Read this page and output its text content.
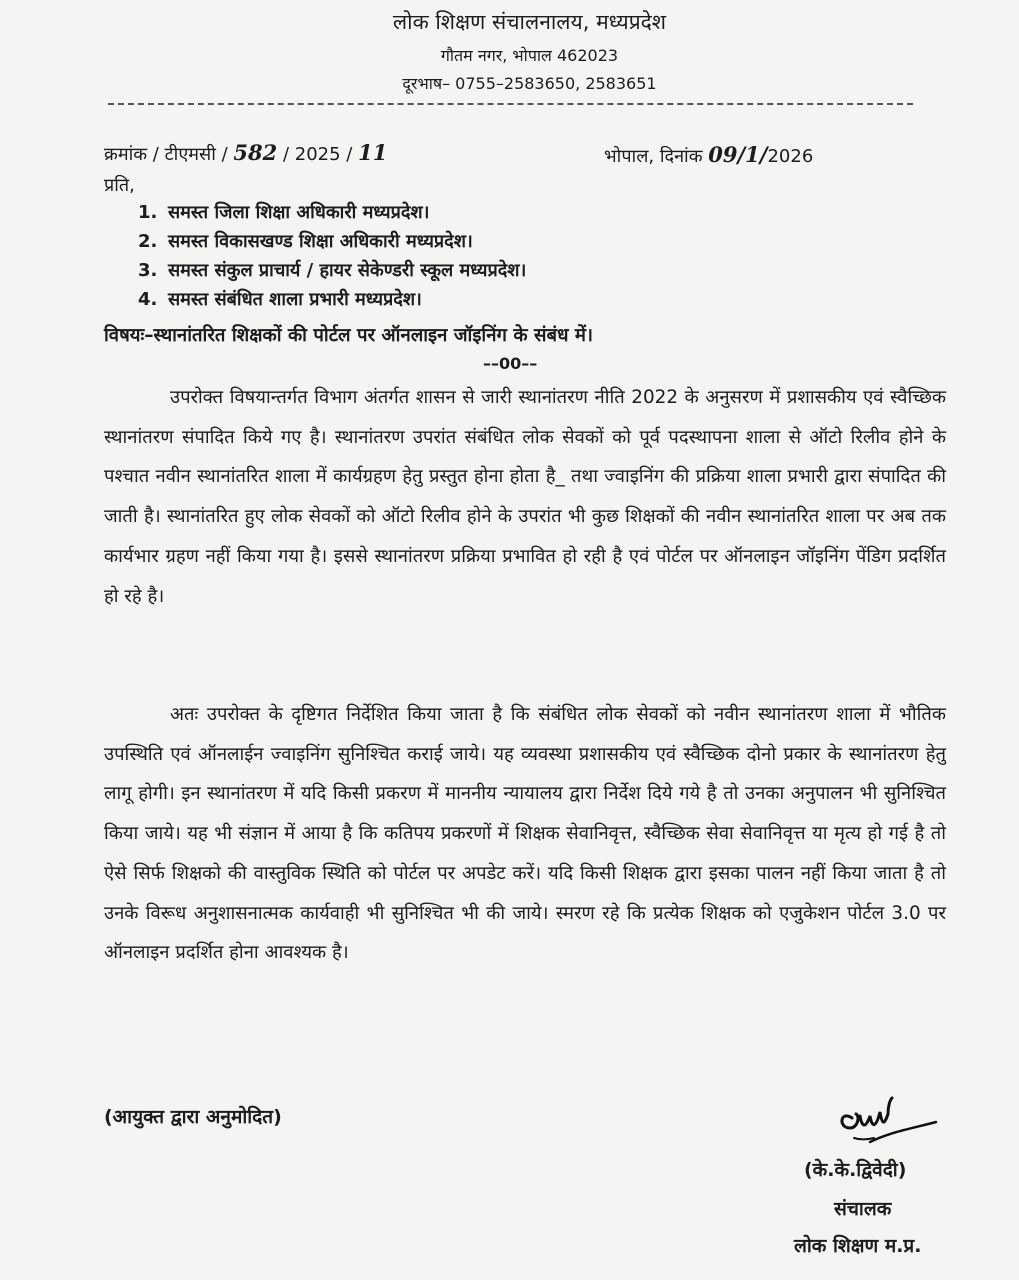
लोक शिक्षण संचालनालय, मध्यप्रदेश
गौतम नगर, भोपाल 462023
दूरभाष– 0755–2583650, 2583651
क्रमांक / टीएमसी / 582 / 2025 / 11	भोपाल, दिनांक 09/1/2026
प्रति,
1. समस्त जिला शिक्षा अधिकारी मध्यप्रदेश।
2. समस्त विकासखण्ड शिक्षा अधिकारी मध्यप्रदेश।
3. समस्त संकुल प्राचार्य / हायर सेकेण्डरी स्कूल मध्यप्रदेश।
4. समस्त संबंधित शाला प्रभारी मध्यप्रदेश।
विषयः–स्थानांतरित शिक्षकों की पोर्टल पर ऑनलाइन जॉइनिंग के संबंध में।
––00––

उपरोक्त विषयान्तर्गत विभाग अंतर्गत शासन से जारी स्थानांतरण नीति 2022 के अनुसरण में प्रशासकीय एवं स्वैच्छिक स्थानांतरण संपादित किये गए है। स्थानांतरण उपरांत संबंधित लोक सेवकों को पूर्व पदस्थापना शाला से ऑटो रिलीव होने के पश्चात नवीन स्थानांतरित शाला में कार्यग्रहण हेतु प्रस्तुत होना होता है_ तथा ज्वाइनिंग की प्रक्रिया शाला प्रभारी द्वारा संपादित की जाती है। स्थानांतरित हुए लोक सेवकों को ऑटो रिलीव होने के उपरांत भी कुछ शिक्षकों की नवीन स्थानांतरित शाला पर अब तक कार्यभार ग्रहण नहीं किया गया है। इससे स्थानांतरण प्रक्रिया प्रभावित हो रही है एवं पोर्टल पर ऑनलाइन जॉइनिंग पेंडिग प्रदर्शित हो रहे है।

अतः उपरोक्त के दृष्टिगत निर्देशित किया जाता है कि संबंधित लोक सेवकों को नवीन स्थानांतरण शाला में भौतिक उपस्थिति एवं ऑनलाईन ज्वाइनिंग सुनिश्चित कराई जाये। यह व्यवस्था प्रशासकीय एवं स्वैच्छिक दोनो प्रकार के स्थानांतरण हेतु लागू होगी। इन स्थानांतरण में यदि किसी प्रकरण में माननीय न्यायालय द्वारा निर्देश दिये गये है तो उनका अनुपालन भी सुनिश्चित किया जाये। यह भी संज्ञान में आया है कि कतिपय प्रकरणों में शिक्षक सेवानिवृत्त, स्वैच्छिक सेवा सेवानिवृत्त या मृत्य हो गई है तो ऐसे सिर्फ शिक्षको की वास्तुविक स्थिति को पोर्टल पर अपडेट करें। यदि किसी शिक्षक द्वारा इसका पालन नहीं किया जाता है तो उनके विरूध अनुशासनात्मक कार्यवाही भी सुनिश्चित भी की जाये। स्मरण रहे कि प्रत्येक शिक्षक को एजुकेशन पोर्टल 3.0 पर ऑनलाइन प्रदर्शित होना आवश्यक है।

(आयुक्त द्वारा अनुमोदित)
(के.के.द्विवेदी)
संचालक
लोक शिक्षण म.प्र.
